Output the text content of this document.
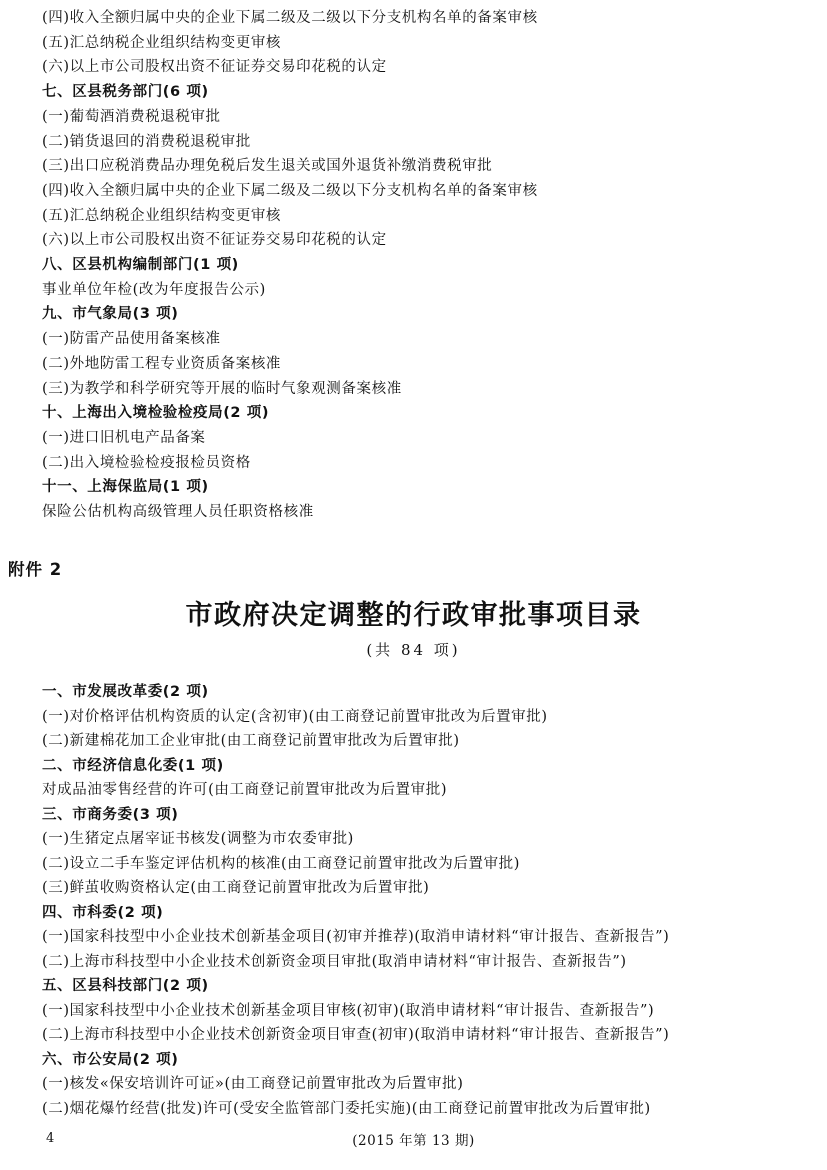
(四)收入全额归属中央的企业下属二级及二级以下分支机构名单的备案审核
(五)汇总纳税企业组织结构变更审核
(六)以上市公司股权出资不征证券交易印花税的认定
七、区县税务部门(6 项)
(一)葡萄酒消费税退税审批
(二)销货退回的消费税退税审批
(三)出口应税消费品办理免税后发生退关或国外退货补缴消费税审批
(四)收入全额归属中央的企业下属二级及二级以下分支机构名单的备案审核
(五)汇总纳税企业组织结构变更审核
(六)以上市公司股权出资不征证券交易印花税的认定
八、区县机构编制部门(1 项)
事业单位年检(改为年度报告公示)
九、市气象局(3 项)
(一)防雷产品使用备案核准
(二)外地防雷工程专业资质备案核准
(三)为教学和科学研究等开展的临时气象观测备案核准
十、上海出入境检验检疫局(2 项)
(一)进口旧机电产品备案
(二)出入境检验检疫报检员资格
十一、上海保监局(1 项)
保险公估机构高级管理人员任职资格核准
附件 2
市政府决定调整的行政审批事项目录
(共 84 项)
一、市发展改革委(2 项)
(一)对价格评估机构资质的认定(含初审)(由工商登记前置审批改为后置审批)
(二)新建棉花加工企业审批(由工商登记前置审批改为后置审批)
二、市经济信息化委(1 项)
对成品油零售经营的许可(由工商登记前置审批改为后置审批)
三、市商务委(3 项)
(一)生猪定点屠宰证书核发(调整为市农委审批)
(二)设立二手车鉴定评估机构的核准(由工商登记前置审批改为后置审批)
(三)鲜茧收购资格认定(由工商登记前置审批改为后置审批)
四、市科委(2 项)
(一)国家科技型中小企业技术创新基金项目(初审并推荐)(取消申请材料“审计报告、查新报告”)
(二)上海市科技型中小企业技术创新资金项目审批(取消申请材料“审计报告、查新报告”)
五、区县科技部门(2 项)
(一)国家科技型中小企业技术创新基金项目审核(初审)(取消申请材料“审计报告、查新报告”)
(二)上海市科技型中小企业技术创新资金项目审查(初审)(取消申请材料“审计报告、查新报告”)
六、市公安局(2 项)
(一)核发«保安培训许可证»(由工商登记前置审批改为后置审批)
(二)烟花爆竹经营(批发)许可(受安全监管部门委托实施)(由工商登记前置审批改为后置审批)
4	(2015 年第 13 期)
